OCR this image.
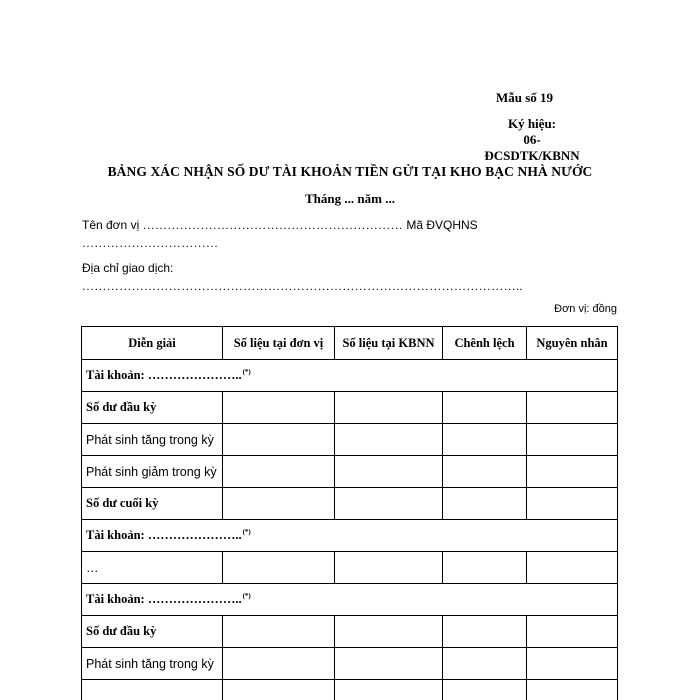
Mẫu số 19
Ký hiệu:
06-ĐCSDTK/KBNN
BẢNG XÁC NHẬN SỐ DƯ TÀI KHOẢN TIỀN GỬI TẠI KHO BẠC NHÀ NƯỚC
Tháng ... năm ...
Tên đơn vị ……………………………………………………… Mã ĐVQHNS
……………………………
Địa chỉ giao dịch:
……………………………………………………………………………………………..
Đơn vị: đồng
Diễn giải	Số liệu tại đơn vị	Số liệu tại KBNN	Chênh lệch	Nguyên nhân
Tài khoản: …………………..(*)
Số dư đầu kỳ				
Phát sinh tăng trong kỳ				
Phát sinh giảm trong kỳ				
Số dư cuối kỳ				
Tài khoản: …………………..(*)
…				
Tài khoản: …………………..(*)
Số dư đầu kỳ				
Phát sinh tăng trong kỳ				
